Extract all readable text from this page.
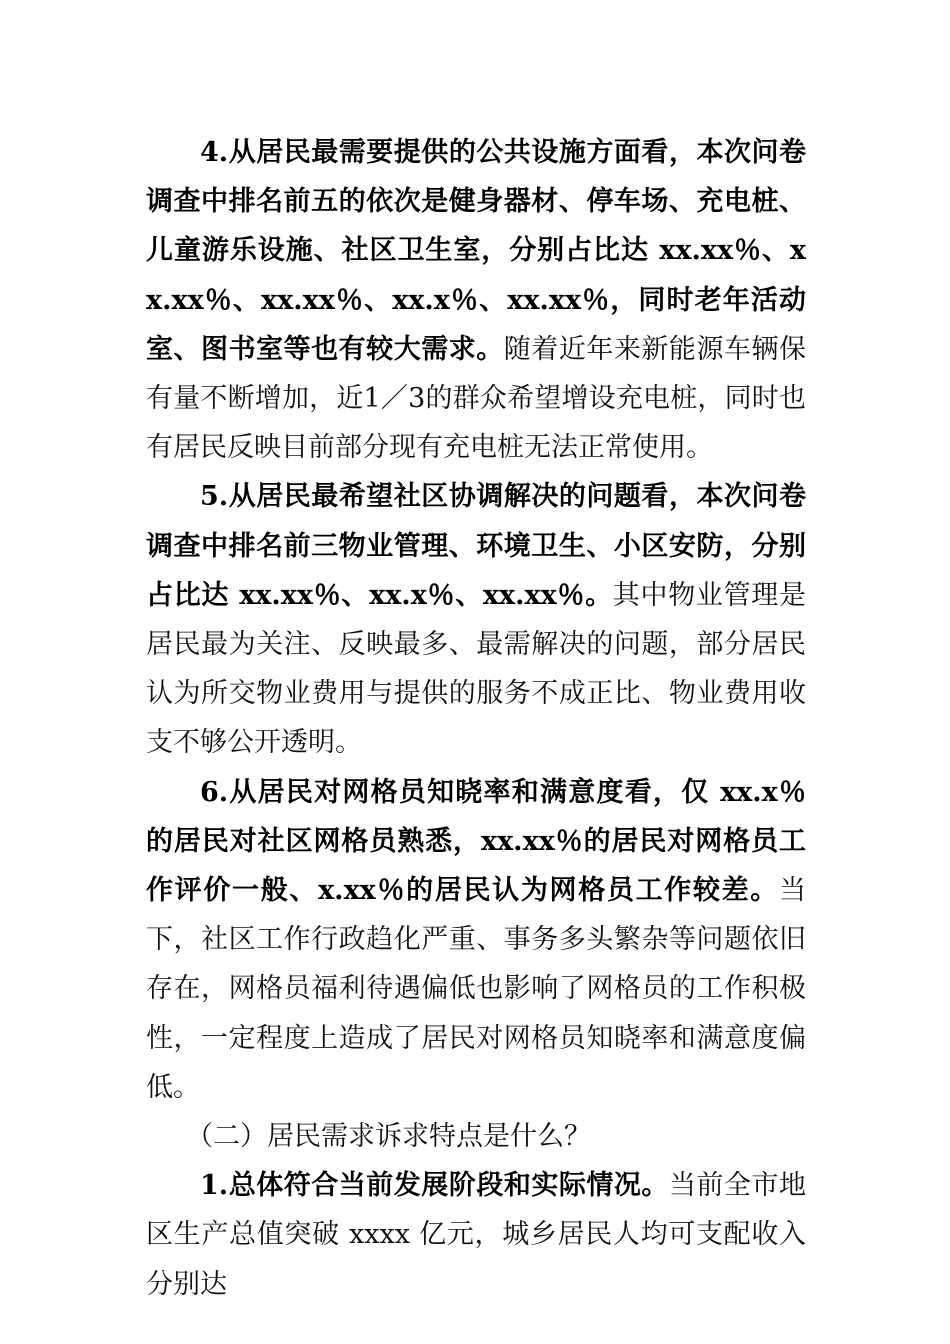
4.从居民最需要提供的公共设施方面看，本次问卷调查中排名前五的依次是健身器材、停车场、充电桩、儿童游乐设施、社区卫生室，分别占比达 xx.xx％、xx.xx％、xx.xx％、xx.x％、xx.xx％，同时老年活动室、图书室等也有较大需求。随着近年来新能源车辆保有量不断增加，近1／3的群众希望增设充电桩，同时也有居民反映目前部分现有充电桩无法正常使用。

5.从居民最希望社区协调解决的问题看，本次问卷调查中排名前三物业管理、环境卫生、小区安防，分别占比达 xx.xx％、xx.x％、xx.xx％。其中物业管理是居民最为关注、反映最多、最需解决的问题，部分居民认为所交物业费用与提供的服务不成正比、物业费用收支不够公开透明。

6.从居民对网格员知晓率和满意度看，仅 xx.x％的居民对社区网格员熟悉，xx.xx％的居民对网格员工作评价一般、x.xx％的居民认为网格员工作较差。当下，社区工作行政趋化严重、事务多头繁杂等问题依旧存在，网格员福利待遇偏低也影响了网格员的工作积极性，一定程度上造成了居民对网格员知晓率和满意度偏低。

（二）居民需求诉求特点是什么？

1.总体符合当前发展阶段和实际情况。当前全市地区生产总值突破 xxxx 亿元，城乡居民人均可支配收入分别达
